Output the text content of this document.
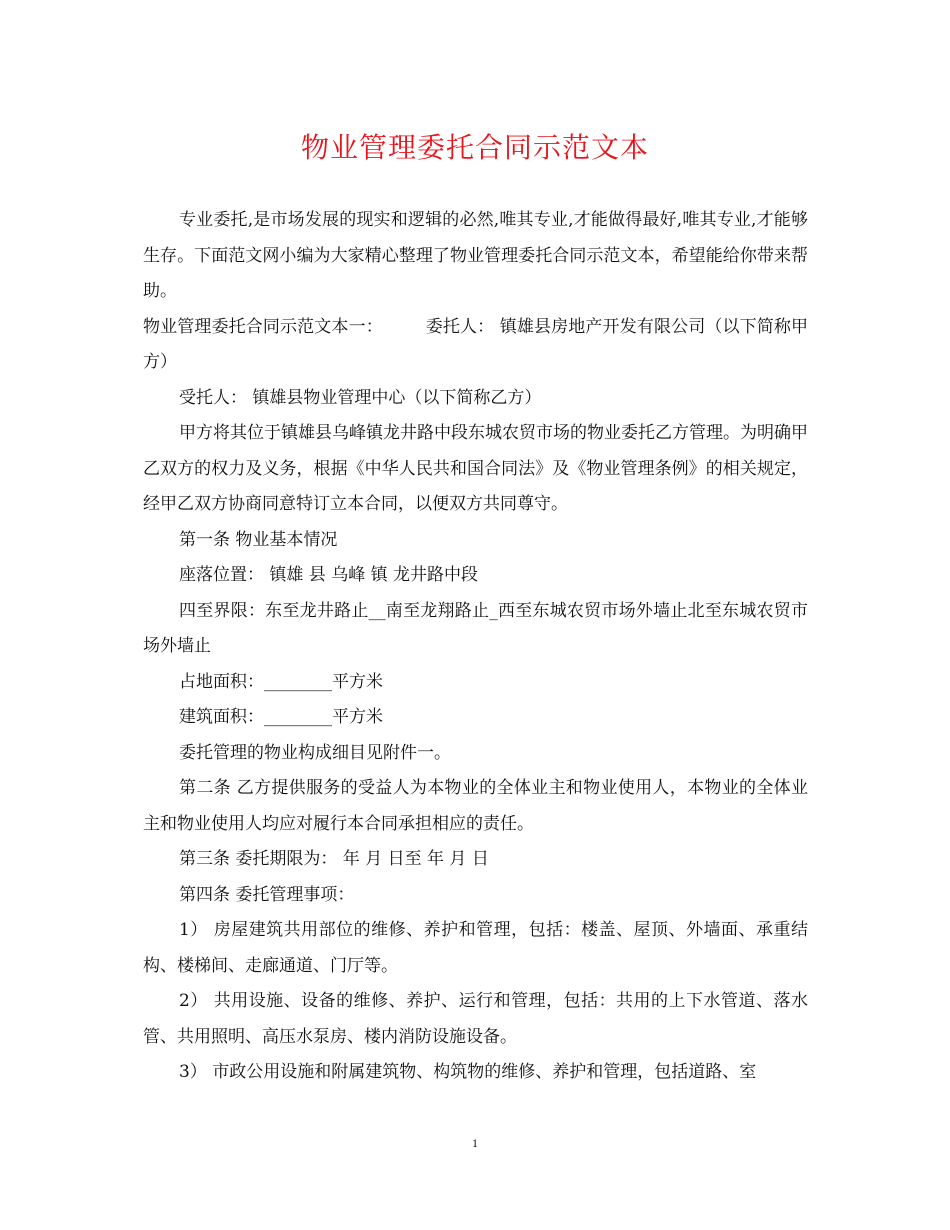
物业管理委托合同示范文本

专业委托,是市场发展的现实和逻辑的必然,唯其专业,才能做得最好,唯其专业,才能够生存。下面范文网小编为大家精心整理了物业管理委托合同示范文本，希望能给你带来帮助。

物业管理委托合同示范文本一：　　　委托人： 镇雄县房地产开发有限公司（以下简称甲方）

受托人： 镇雄县物业管理中心（以下简称乙方）

甲方将其位于镇雄县乌峰镇龙井路中段东城农贸市场的物业委托乙方管理。为明确甲乙双方的权力及义务，根据《中华人民共和国合同法》及《物业管理条例》的相关规定，经甲乙双方协商同意特订立本合同，以便双方共同尊守。

第一条 物业基本情况

座落位置： 镇雄 县 乌峰 镇 龙井路中段

四至界限：东至龙井路止__南至龙翔路止_西至东城农贸市场外墙止北至东城农贸市场外墙止

占地面积：________平方米

建筑面积：________平方米

委托管理的物业构成细目见附件一。

第二条 乙方提供服务的受益人为本物业的全体业主和物业使用人，本物业的全体业主和物业使用人均应对履行本合同承担相应的责任。

第三条 委托期限为： 年 月 日至 年 月 日

第四条 委托管理事项：

1） 房屋建筑共用部位的维修、养护和管理，包括：楼盖、屋顶、外墙面、承重结构、楼梯间、走廊通道、门厅等。

2） 共用设施、设备的维修、养护、运行和管理，包括：共用的上下水管道、落水管、共用照明、高压水泵房、楼内消防设施设备。

3） 市政公用设施和附属建筑物、构筑物的维修、养护和管理，包括道路、室

1
